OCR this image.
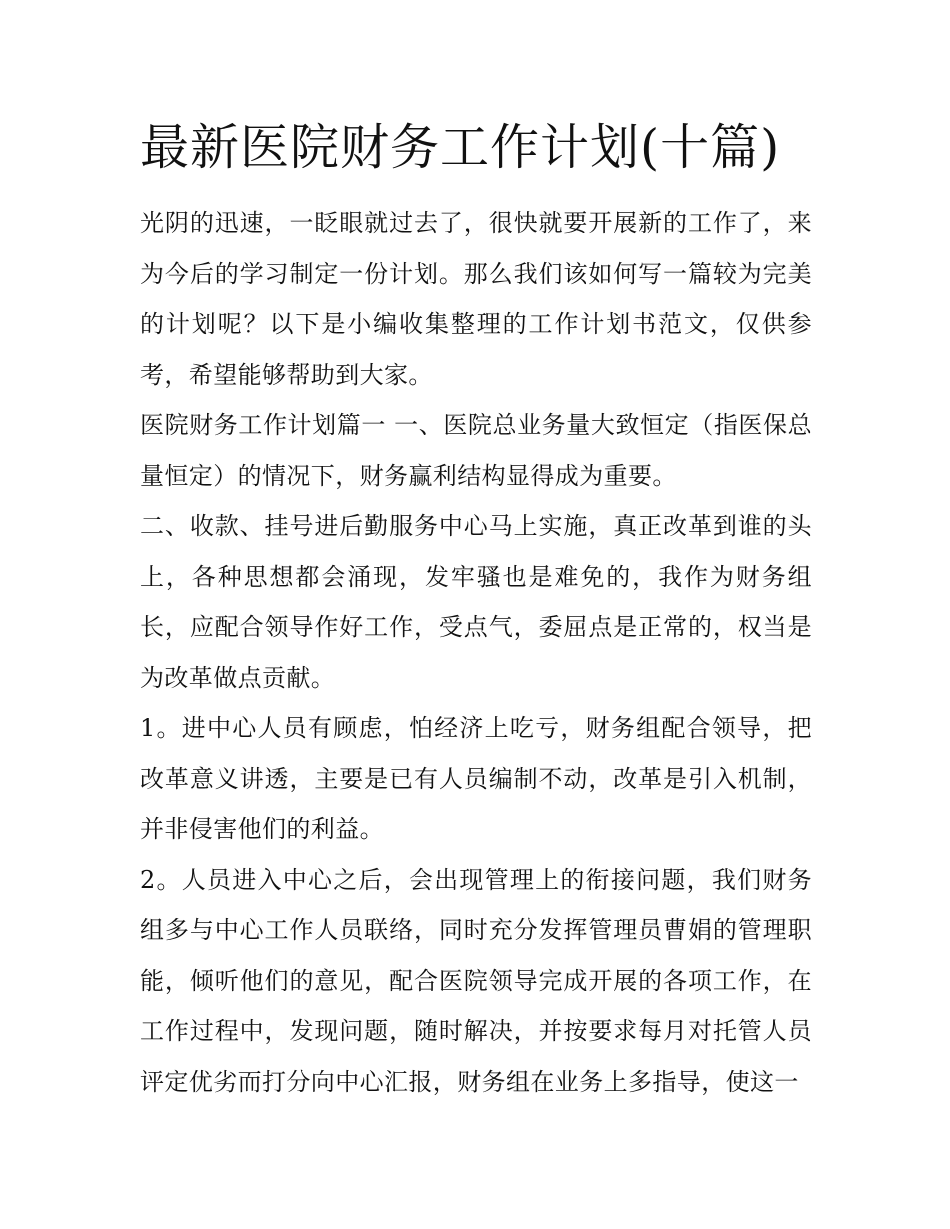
最新医院财务工作计划(十篇)

光阴的迅速，一眨眼就过去了，很快就要开展新的工作了，来为今后的学习制定一份计划。那么我们该如何写一篇较为完美的计划呢？以下是小编收集整理的工作计划书范文，仅供参考，希望能够帮助到大家。

医院财务工作计划篇一 一、医院总业务量大致恒定（指医保总量恒定）的情况下，财务赢利结构显得成为重要。

二、收款、挂号进后勤服务中心马上实施，真正改革到谁的头上，各种思想都会涌现，发牢骚也是难免的，我作为财务组长，应配合领导作好工作，受点气，委屈点是正常的，权当是为改革做点贡献。

1。进中心人员有顾虑，怕经济上吃亏，财务组配合领导，把改革意义讲透，主要是已有人员编制不动，改革是引入机制，并非侵害他们的利益。

2。人员进入中心之后，会出现管理上的衔接问题，我们财务组多与中心工作人员联络，同时充分发挥管理员曹娟的管理职能，倾听他们的意见，配合医院领导完成开展的各项工作，在工作过程中，发现问题，随时解决，并按要求每月对托管人员评定优劣而打分向中心汇报，财务组在业务上多指导，使这一
